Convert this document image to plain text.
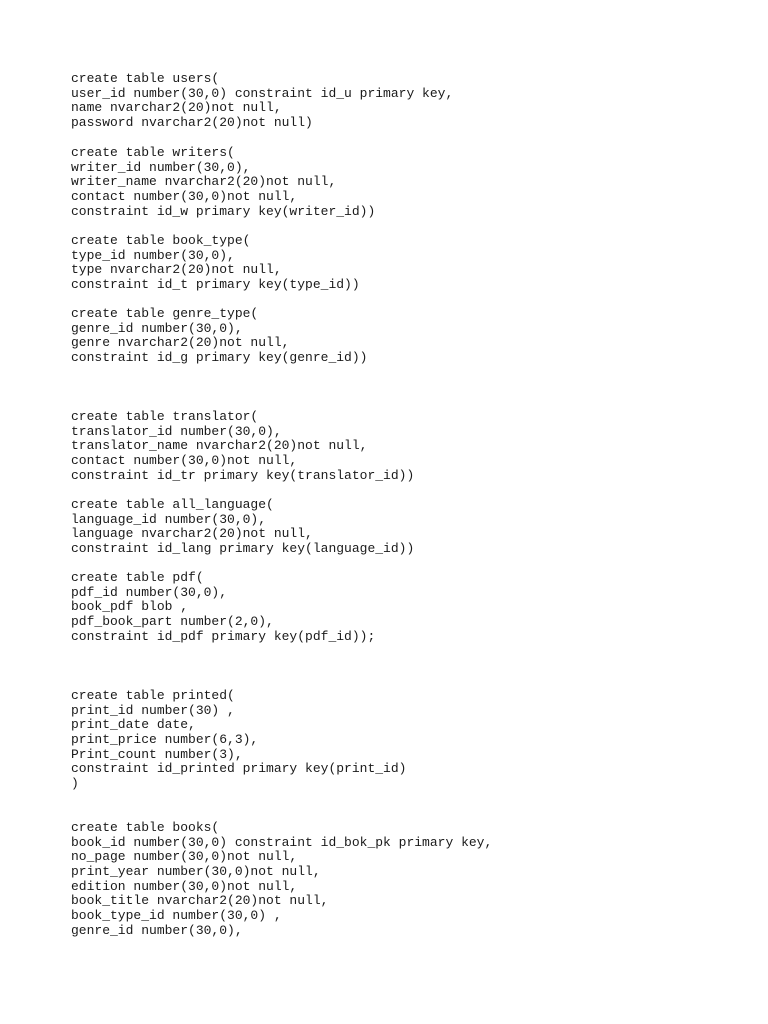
create table users(
user_id number(30,0) constraint id_u primary key,
name nvarchar2(20)not null,
password nvarchar2(20)not null)
create table writers(
writer_id number(30,0),
writer_name nvarchar2(20)not null,
contact number(30,0)not null,
constraint id_w primary key(writer_id))
create table book_type(
type_id number(30,0),
type nvarchar2(20)not null,
constraint id_t primary key(type_id))
create table genre_type(
genre_id number(30,0),
genre nvarchar2(20)not null,
constraint id_g primary key(genre_id))
create table translator(
translator_id number(30,0),
translator_name nvarchar2(20)not null,
contact number(30,0)not null,
constraint id_tr primary key(translator_id))
create table all_language(
language_id number(30,0),
language nvarchar2(20)not null,
constraint id_lang primary key(language_id))
create table pdf(
pdf_id number(30,0),
book_pdf blob ,
pdf_book_part number(2,0),
constraint id_pdf primary key(pdf_id));
create table printed(
print_id number(30) ,
print_date date,
print_price number(6,3),
Print_count number(3),
constraint id_printed primary key(print_id)
)
create table books(
book_id number(30,0) constraint id_bok_pk primary key,
no_page number(30,0)not null,
print_year number(30,0)not null,
edition number(30,0)not null,
book_title nvarchar2(20)not null,
book_type_id number(30,0) ,
genre_id number(30,0),
